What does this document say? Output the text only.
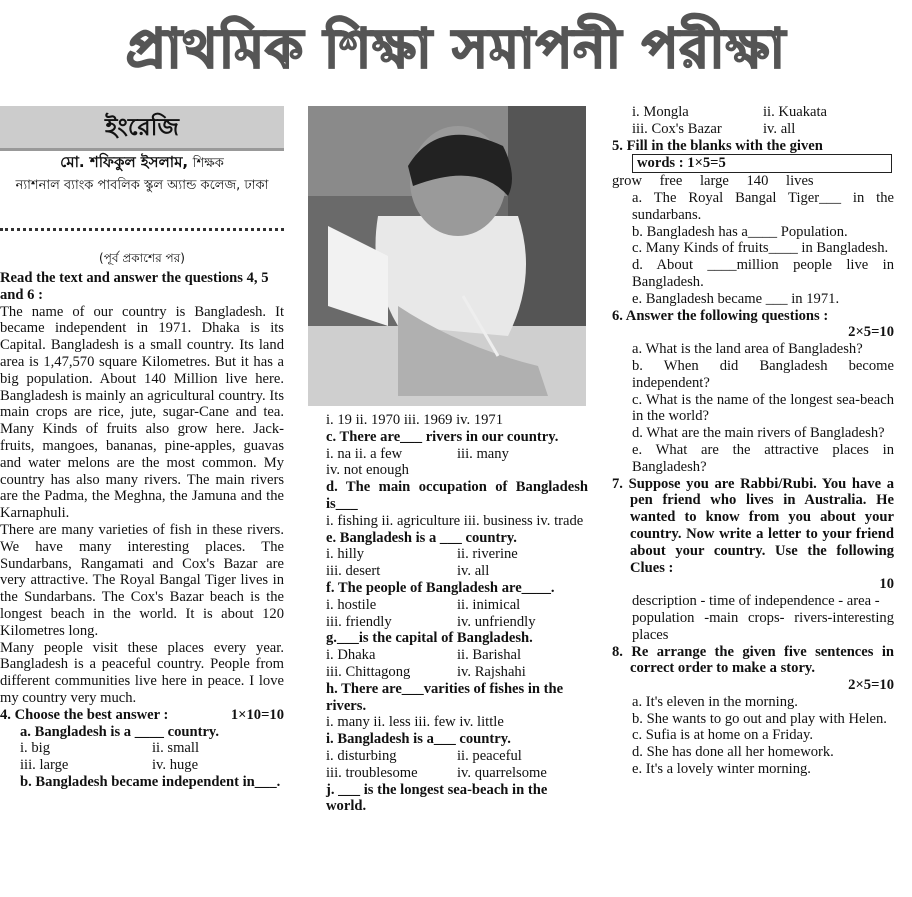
প্রাথমিক শিক্ষা সমাপনী পরীক্ষা
ইংরেজি
মো. শফিকুল ইসলাম, শিক্ষক
ন্যাশনাল ব্যাংক পাবলিক স্কুল অ্যান্ড কলেজ, ঢাকা
(পূর্ব প্রকাশের পর)

Read the text and answer the questions 4, 5 and 6 :

The name of our country is Bangladesh. It became independent in 1971. Dhaka is its Capital. Bangladesh is a small country. Its land area is 1,47,570 square Kilometres. But it has a big population. About 140 Million live here. Bangladesh is mainly an agricultural country. Its main crops are rice, jute, sugar-Cane and tea. Many Kinds of fruits also grow here. Jack-fruits, mangoes, bananas, pine-apples, guavas and water melons are the most common. My country has also many rivers. The main rivers are the Padma, the Meghna, the Jamuna and the Karnaphuli.

There are many varieties of fish in these rivers. We have many interesting places. The Sundarbans, Rangamati and Cox's Bazar are very attractive. The Royal Bangal Tiger lives in the Sundarbans. The Cox's Bazar beach is the longest beach in the world. It is about 120 Kilometres long.

Many people visit these places every year. Bangladesh is a peaceful country. People from different communities live here in peace. I love my country very much.

4. Choose the best answer :	1×10=10

a. Bangladesh is a ____ country.

i. big	ii. small
iii. large	iv. huge

b. Bangladesh became independent in___.

i. 19 ii. 1970 iii. 1969 iv. 1971

c. There are___ rivers in our country.

i. na ii. a few	iii. many

iv. not enough

d. The main occupation of Bangladesh is___

i. fishing ii. agriculture iii. business iv. trade

e. Bangladesh is a ___ country.

i. hilly	ii. riverine
iii. desert	iv. all

f. The people of Bangladesh are____.

i. hostile	ii. inimical
iii. friendly	iv. unfriendly

g.___is the capital of Bangladesh.

i. Dhaka	ii. Barishal
iii. Chittagong	iv. Rajshahi

h. There are___varities of fishes in the rivers.

i. many ii. less iii. few iv. little

i. Bangladesh is a___ country.

i. disturbing	ii. peaceful
iii. troublesome	iv. quarrelsome

j. ___ is the longest sea-beach in the world.

i. Mongla	ii. Kuakata
iii. Cox's Bazar	iv. all

5. Fill in the blanks with the given

words : 1×5=5

grow free large 140 lives

a. The Royal Bangal Tiger___ in the sundarbans.

b. Bangladesh has a____ Population.

c. Many Kinds of fruits____ in Bangladesh.

d. About ____million people live in Bangladesh.

e. Bangladesh became ___ in 1971.

6. Answer the following questions :

2×5=10

a. What is the land area of Bangladesh?

b. When did Bangladesh become independent?

c. What is the name of the longest sea-beach in the world?

d. What are the main rivers of Bangladesh?

e. What are the attractive places in Bangladesh?

7. Suppose you are Rabbi/Rubi. You have a pen friend who lives in Australia. He wanted to know from you about your country. Now write a letter to your friend about your country. Use the following Clues :

10

description - time of independence - area -

population -main crops- rivers-interesting places

8. Re arrange the given five sentences in correct order to make a story.

2×5=10

a. It's eleven in the morning.

b. She wants to go out and play with Helen.

c. Sufia is at home on a Friday.

d. She has done all her homework.

e. It's a lovely winter morning.
